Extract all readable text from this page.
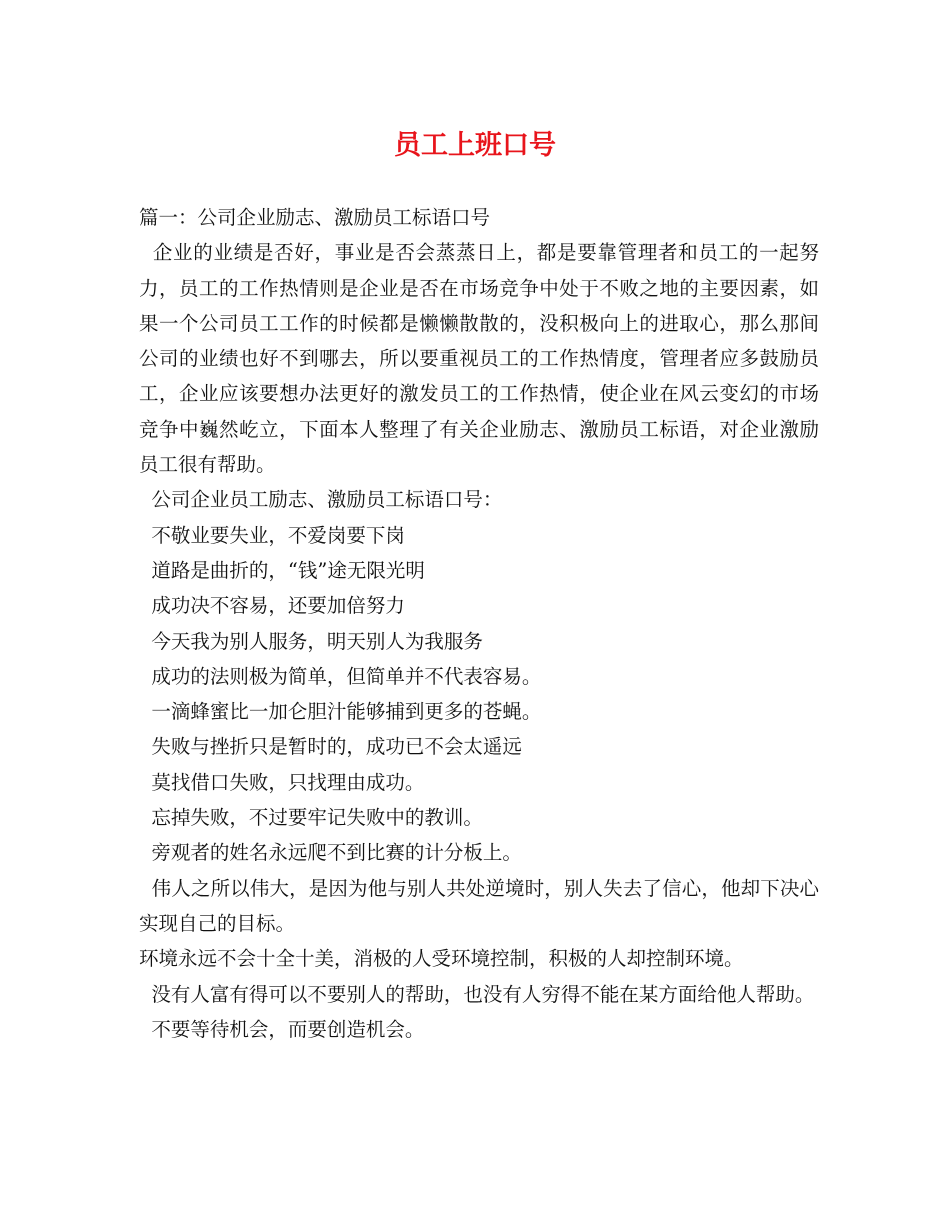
员工上班口号

篇一：公司企业励志、激励员工标语口号

企业的业绩是否好，事业是否会蒸蒸日上，都是要靠管理者和员工的一起努力，员工的工作热情则是企业是否在市场竞争中处于不败之地的主要因素，如果一个公司员工工作的时候都是懒懒散散的，没积极向上的进取心，那么那间公司的业绩也好不到哪去，所以要重视员工的工作热情度，管理者应多鼓励员工，企业应该要想办法更好的激发员工的工作热情，使企业在风云变幻的市场竞争中巍然屹立，下面本人整理了有关企业励志、激励员工标语，对企业激励员工很有帮助。

公司企业员工励志、激励员工标语口号：

不敬业要失业，不爱岗要下岗

道路是曲折的，“钱”途无限光明

成功决不容易，还要加倍努力

今天我为别人服务，明天别人为我服务

成功的法则极为简单，但简单并不代表容易。

一滴蜂蜜比一加仑胆汁能够捕到更多的苍蝇。

失败与挫折只是暂时的，成功已不会太遥远

莫找借口失败，只找理由成功。

忘掉失败，不过要牢记失败中的教训。

旁观者的姓名永远爬不到比赛的计分板上。

伟人之所以伟大，是因为他与别人共处逆境时，别人失去了信心，他却下决心实现自己的目标。

环境永远不会十全十美，消极的人受环境控制，积极的人却控制环境。

没有人富有得可以不要别人的帮助，也没有人穷得不能在某方面给他人帮助。

不要等待机会，而要创造机会。
